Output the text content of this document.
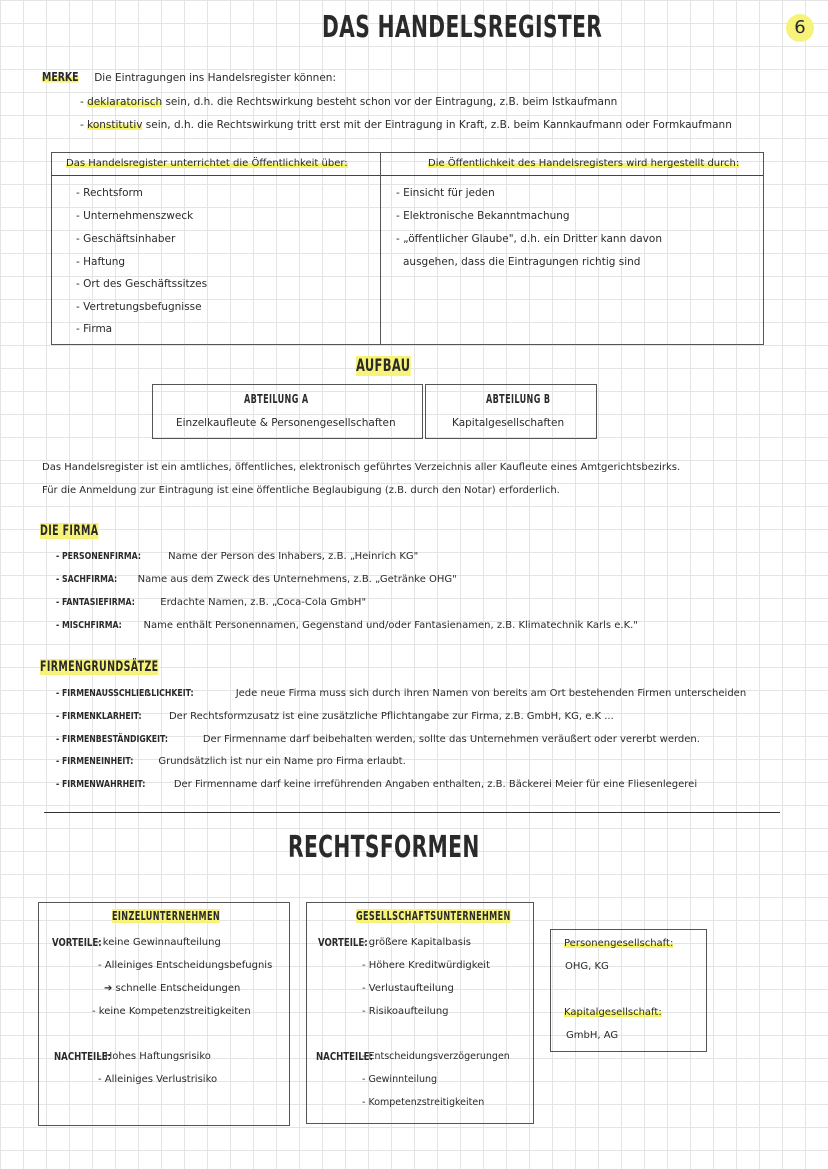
6
DAS HANDELSREGISTER
MERKE Die Eintragungen ins Handelsregister können:
- deklaratorisch sein, d.h. die Rechtswirkung besteht schon vor der Eintragung, z.B. beim Istkaufmann
- konstitutiv sein, d.h. die Rechtswirkung tritt erst mit der Eintragung in Kraft, z.B. beim Kannkaufmann oder Formkaufmann
Das Handelsregister unterrichtet die Öffentlichkeit über:	Die Öffentlichkeit des Handelsregisters wird hergestellt durch:
- Rechtsform
- Unternehmenszweck
- Geschäftsinhaber
- Haftung
- Ort des Geschäftssitzes
- Vertretungsbefugnisse
- Firma
- Einsicht für jeden
- Elektronische Bekanntmachung
- „öffentlicher Glaube", d.h. ein Dritter kann davon
ausgehen, dass die Eintragungen richtig sind
AUFBAU
ABTEILUNG A
Einzelkaufleute & Personengesellschaften
ABTEILUNG B
Kapitalgesellschaften
Das Handelsregister ist ein amtliches, öffentliches, elektronisch geführtes Verzeichnis aller Kaufleute eines Amtgerichtsbezirks.
Für die Anmeldung zur Eintragung ist eine öffentliche Beglaubigung (z.B. durch den Notar) erforderlich.
DIE FIRMA
- PERSONENFIRMA:	Name der Person des Inhabers, z.B. „Heinrich KG"
- SACHFIRMA: Name aus dem Zweck des Unternehmens, z.B. „Getränke OHG"
- FANTASIEFIRMA:	Erdachte Namen, z.B. „Coca-Cola GmbH"
- MISCHFIRMA: Name enthält Personennamen, Gegenstand und/oder Fantasienamen, z.B. Klimatechnik Karls e.K."
FIRMENGRUNDSÄTZE
- FIRMENAUSSCHLIEẞLICHKEIT:	Jede neue Firma muss sich durch ihren Namen von bereits am Ort bestehenden Firmen unterscheiden
- FIRMENKLARHEIT:	Der Rechtsformzusatz ist eine zusätzliche Pflichtangabe zur Firma, z.B. GmbH, KG, e.K ...
- FIRMENBESTÄNDIGKEIT:	Der Firmenname darf beibehalten werden, sollte das Unternehmen veräußert oder vererbt werden.
- FIRMENEINHEIT:	Grundsätzlich ist nur ein Name pro Firma erlaubt.
- FIRMENWAHRHEIT:	Der Firmenname darf keine irreführenden Angaben enthalten, z.B. Bäckerei Meier für eine Fliesenlegerei
RECHTSFORMEN
EINZELUNTERNEHMEN
VORTEILE:
- keine Gewinnaufteilung
- Alleiniges Entscheidungsbefugnis
➔ schnelle Entscheidungen
- keine Kompetenzstreitigkeiten
NACHTEILE:
- Hohes Haftungsrisiko
- Alleiniges Verlustrisiko
GESELLSCHAFTSUNTERNEHMEN
VORTEILE:
- größere Kapitalbasis
- Höhere Kreditwürdigkeit
- Verlustaufteilung
- Risikoaufteilung
NACHTEILE:
- Entscheidungsverzögerungen
- Gewinnteilung
- Kompetenzstreitigkeiten
Personengesellschaft:
OHG, KG
Kapitalgesellschaft:
GmbH, AG
